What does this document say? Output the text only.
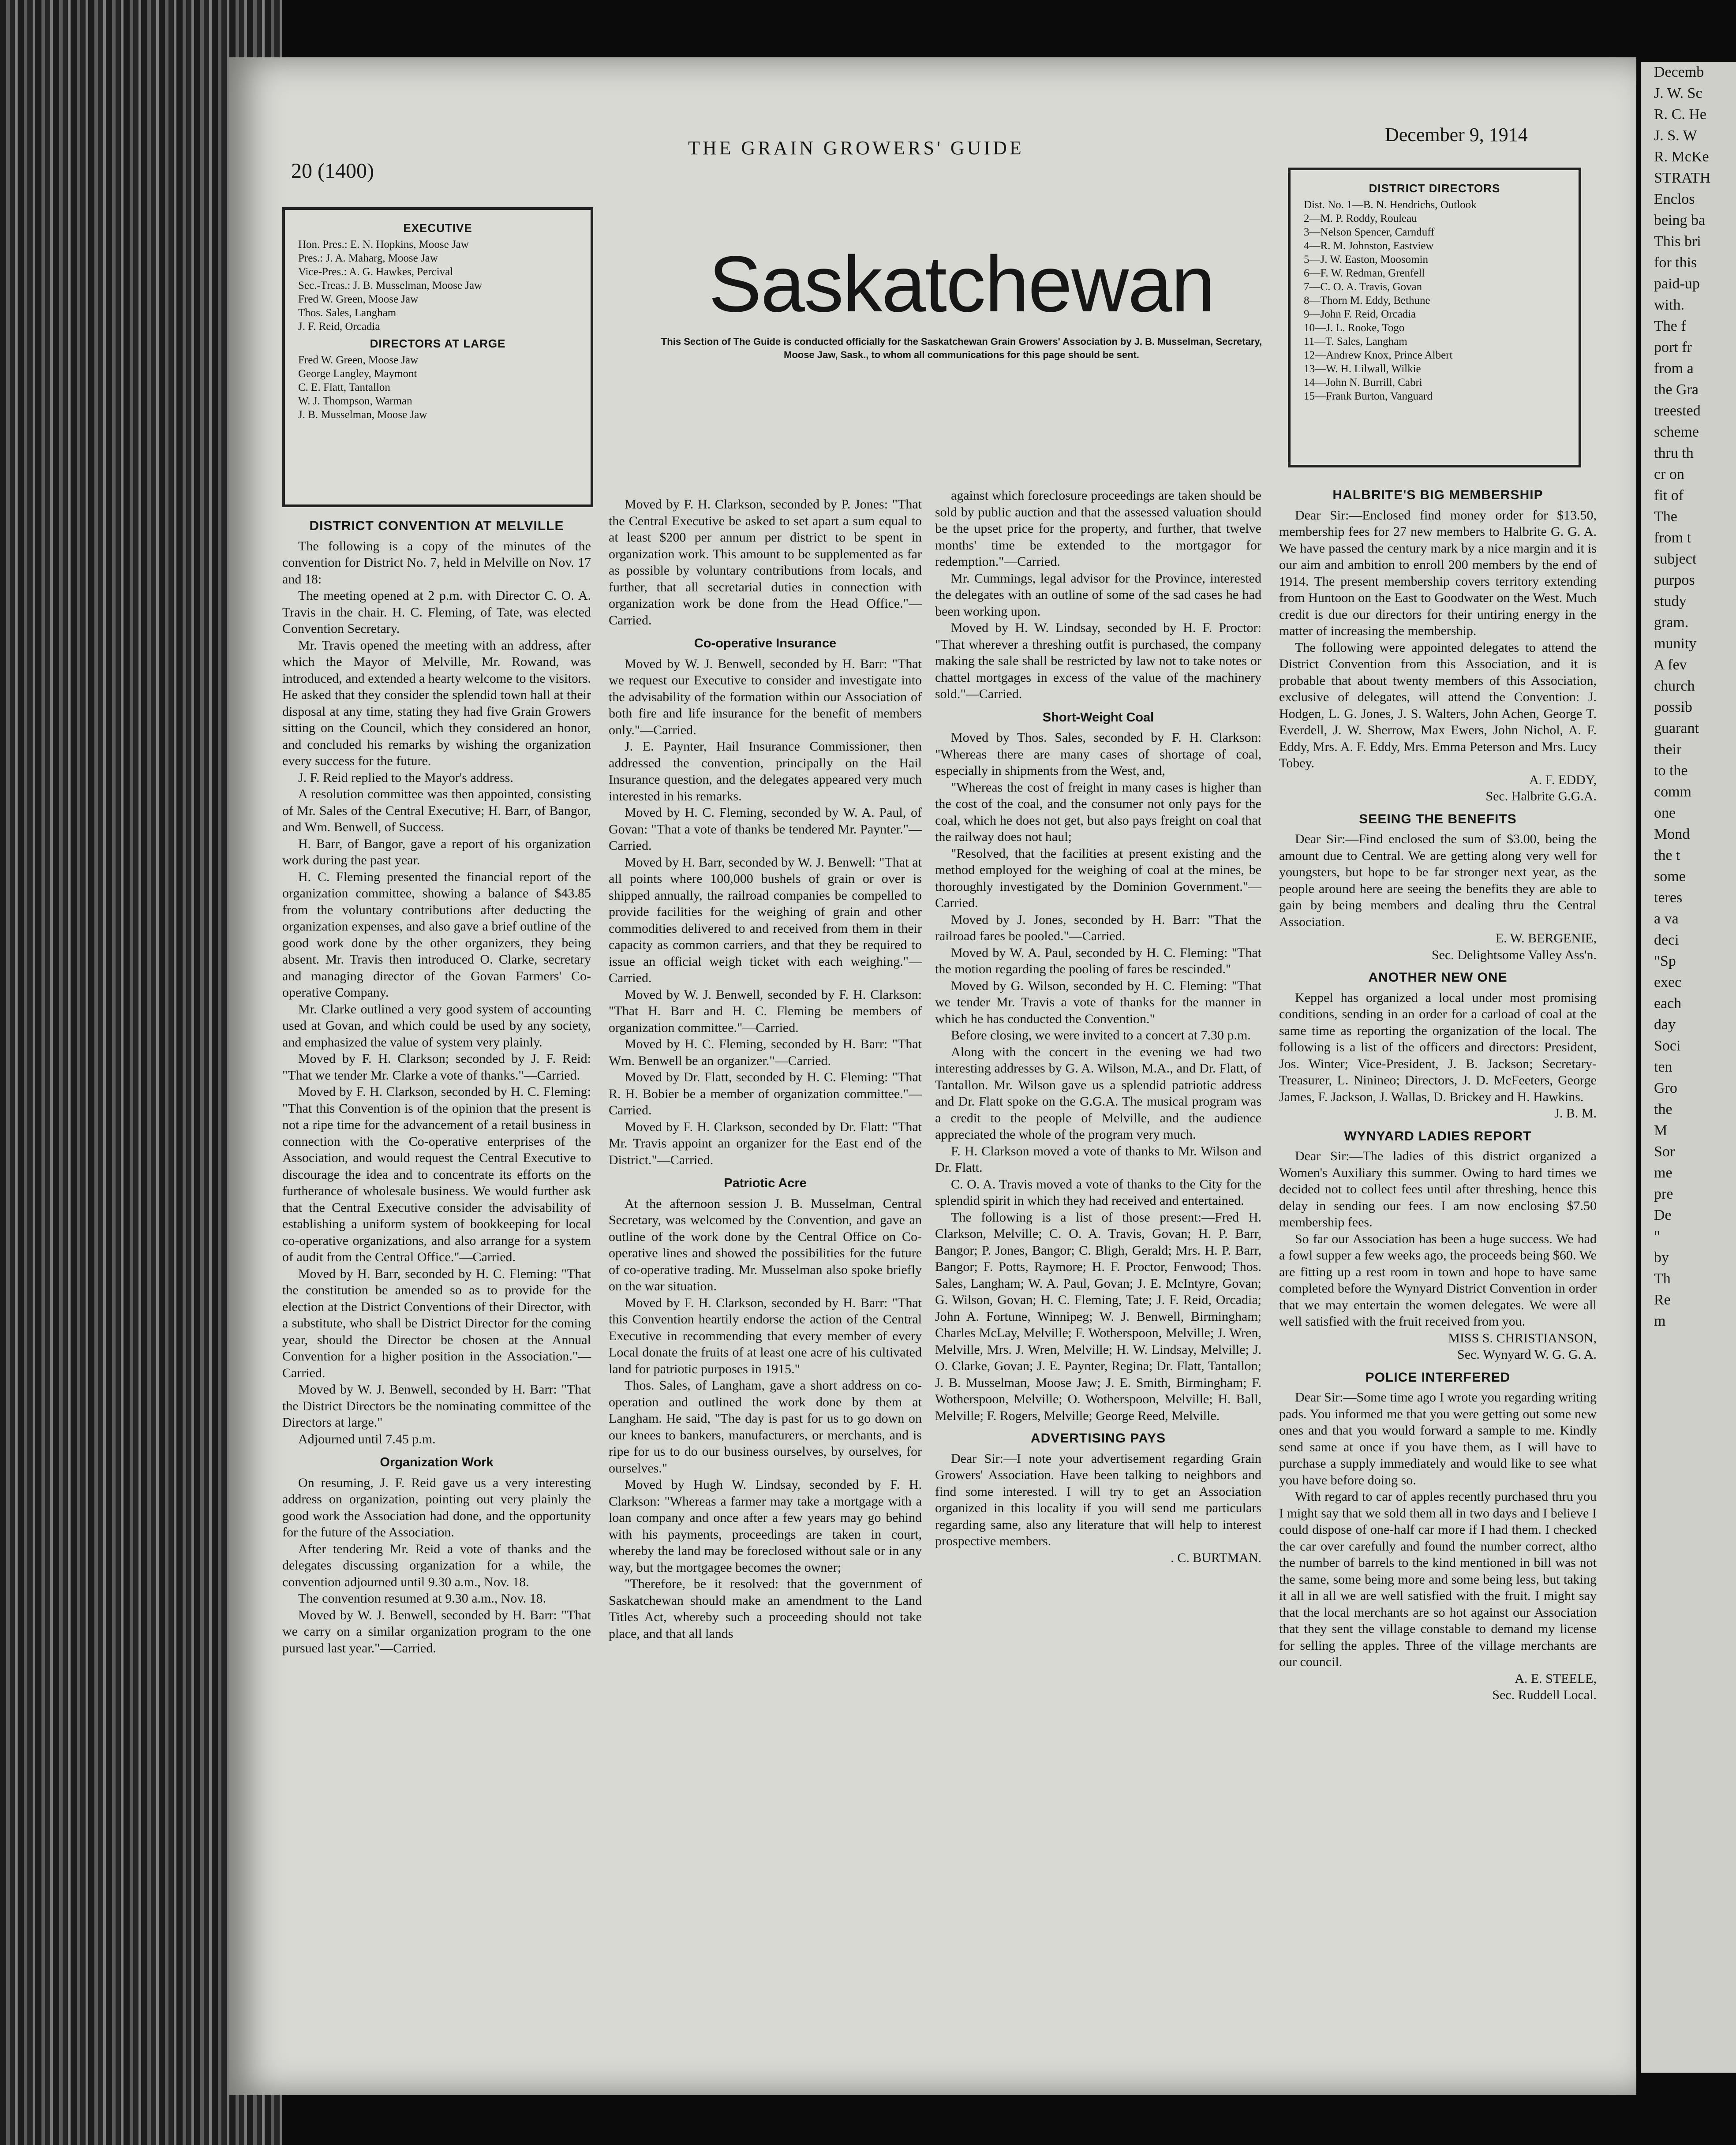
20 (1400)
THE GRAIN GROWERS' GUIDE
December 9, 1914
EXECUTIVE
Hon. Pres.: E. N. Hopkins, Moose Jaw
Pres.: J. A. Maharg, Moose Jaw
Vice-Pres.: A. G. Hawkes, Percival
Sec.-Treas.: J. B. Musselman, Moose Jaw
Fred W. Green, Moose Jaw
Thos. Sales, Langham
J. F. Reid, Orcadia
DIRECTORS AT LARGE
Fred W. Green, Moose Jaw
George Langley, Maymont
C. E. Flatt, Tantallon
W. J. Thompson, Warman
J. B. Musselman, Moose Jaw
Saskatchewan
This Section of The Guide is conducted officially for the Saskatchewan Grain Growers' Association by J. B. Musselman, Secretary, Moose Jaw, Sask., to whom all communications for this page should be sent.
DISTRICT DIRECTORS
Dist. No. 1—B. N. Hendrichs, Outlook
2—M. P. Roddy, Rouleau
3—Nelson Spencer, Carnduff
4—R. M. Johnston, Eastview
5—J. W. Easton, Moosomin
6—F. W. Redman, Grenfell
7—C. O. A. Travis, Govan
8—Thorn M. Eddy, Bethune
9—John F. Reid, Orcadia
10—J. L. Rooke, Togo
11—T. Sales, Langham
12—Andrew Knox, Prince Albert
13—W. H. Lilwall, Wilkie
14—John N. Burrill, Cabri
15—Frank Burton, Vanguard
DISTRICT CONVENTION AT MELVILLE

The following is a copy of the minutes of the convention for District No. 7, held in Melville on Nov. 17 and 18:

The meeting opened at 2 p.m. with Director C. O. A. Travis in the chair. H. C. Fleming, of Tate, was elected Convention Secretary.

Mr. Travis opened the meeting with an address, after which the Mayor of Melville, Mr. Rowand, was introduced, and extended a hearty welcome to the visitors. He asked that they consider the splendid town hall at their disposal at any time, stating they had five Grain Growers sitting on the Council, which they considered an honor, and concluded his remarks by wishing the organization every success for the future.

J. F. Reid replied to the Mayor's address.

A resolution committee was then appointed, consisting of Mr. Sales of the Central Executive; H. Barr, of Bangor, and Wm. Benwell, of Success.

H. Barr, of Bangor, gave a report of his organization work during the past year.

H. C. Fleming presented the financial report of the organization committee, showing a balance of $43.85 from the voluntary contributions after deducting the organization expenses, and also gave a brief outline of the good work done by the other organizers, they being absent. Mr. Travis then introduced O. Clarke, secretary and managing director of the Govan Farmers' Co-operative Company.

Mr. Clarke outlined a very good system of accounting used at Govan, and which could be used by any society, and emphasized the value of system very plainly.

Moved by F. H. Clarkson; seconded by J. F. Reid: "That we tender Mr. Clarke a vote of thanks."—Carried.

Moved by F. H. Clarkson, seconded by H. C. Fleming: "That this Convention is of the opinion that the present is not a ripe time for the advancement of a retail business in connection with the Co-operative enterprises of the Association, and would request the Central Executive to discourage the idea and to concentrate its efforts on the furtherance of wholesale business. We would further ask that the Central Executive consider the advisability of establishing a uniform system of bookkeeping for local co-operative organizations, and also arrange for a system of audit from the Central Office."—Carried.

Moved by H. Barr, seconded by H. C. Fleming: "That the constitution be amended so as to provide for the election at the District Conventions of their Director, with a substitute, who shall be District Director for the coming year, should the Director be chosen at the Annual Convention for a higher position in the Association."—Carried.

Moved by W. J. Benwell, seconded by H. Barr: "That the District Directors be the nominating committee of the Directors at large."

Adjourned until 7.45 p.m.

Organization Work

On resuming, J. F. Reid gave us a very interesting address on organization, pointing out very plainly the good work the Association had done, and the opportunity for the future of the Association.

After tendering Mr. Reid a vote of thanks and the delegates discussing organization for a while, the convention adjourned until 9.30 a.m., Nov. 18.

The convention resumed at 9.30 a.m., Nov. 18.

Moved by W. J. Benwell, seconded by H. Barr: "That we carry on a similar organization program to the one pursued last year."—Carried.

Moved by F. H. Clarkson, seconded by P. Jones: "That the Central Executive be asked to set apart a sum equal to at least $200 per annum per district to be spent in organization work. This amount to be supplemented as far as possible by voluntary contributions from locals, and further, that all secretarial duties in connection with organization work be done from the Head Office."—Carried.

Co-operative Insurance

Moved by W. J. Benwell, seconded by H. Barr: "That we request our Executive to consider and investigate into the advisability of the formation within our Association of both fire and life insurance for the benefit of members only."—Carried.

J. E. Paynter, Hail Insurance Commissioner, then addressed the convention, principally on the Hail Insurance question, and the delegates appeared very much interested in his remarks.

Moved by H. C. Fleming, seconded by W. A. Paul, of Govan: "That a vote of thanks be tendered Mr. Paynter."—Carried.

Moved by H. Barr, seconded by W. J. Benwell: "That at all points where 100,000 bushels of grain or over is shipped annually, the railroad companies be compelled to provide facilities for the weighing of grain and other commodities delivered to and received from them in their capacity as common carriers, and that they be required to issue an official weigh ticket with each weighing."—Carried.

Moved by W. J. Benwell, seconded by F. H. Clarkson: "That H. Barr and H. C. Fleming be members of organization committee."—Carried.

Moved by H. C. Fleming, seconded by H. Barr: "That Wm. Benwell be an organizer."—Carried.

Moved by Dr. Flatt, seconded by H. C. Fleming: "That R. H. Bobier be a member of organization committee."—Carried.

Moved by F. H. Clarkson, seconded by Dr. Flatt: "That Mr. Travis appoint an organizer for the East end of the District."—Carried.

Patriotic Acre

At the afternoon session J. B. Musselman, Central Secretary, was welcomed by the Convention, and gave an outline of the work done by the Central Office on Co-operative lines and showed the possibilities for the future of co-operative trading. Mr. Musselman also spoke briefly on the war situation.

Moved by F. H. Clarkson, seconded by H. Barr: "That this Convention heartily endorse the action of the Central Executive in recommending that every member of every Local donate the fruits of at least one acre of his cultivated land for patriotic purposes in 1915."

Thos. Sales, of Langham, gave a short address on co-operation and outlined the work done by them at Langham. He said, "The day is past for us to go down on our knees to bankers, manufacturers, or merchants, and is ripe for us to do our business ourselves, by ourselves, for ourselves."

Moved by Hugh W. Lindsay, seconded by F. H. Clarkson: "Whereas a farmer may take a mortgage with a loan company and once after a few years may go behind with his payments, proceedings are taken in court, whereby the land may be foreclosed without sale or in any way, but the mortgagee becomes the owner;

"Therefore, be it resolved: that the government of Saskatchewan should make an amendment to the Land Titles Act, whereby such a proceeding should not take place, and that all lands

against which foreclosure proceedings are taken should be sold by public auction and that the assessed valuation should be the upset price for the property, and further, that twelve months' time be extended to the mortgagor for redemption."—Carried.

Mr. Cummings, legal advisor for the Province, interested the delegates with an outline of some of the sad cases he had been working upon.

Moved by H. W. Lindsay, seconded by H. F. Proctor: "That wherever a threshing outfit is purchased, the company making the sale shall be restricted by law not to take notes or chattel mortgages in excess of the value of the machinery sold."—Carried.

Short-Weight Coal

Moved by Thos. Sales, seconded by F. H. Clarkson: "Whereas there are many cases of shortage of coal, especially in shipments from the West, and,

"Whereas the cost of freight in many cases is higher than the cost of the coal, and the consumer not only pays for the coal, which he does not get, but also pays freight on coal that the railway does not haul;

"Resolved, that the facilities at present existing and the method employed for the weighing of coal at the mines, be thoroughly investigated by the Dominion Government."—Carried.

Moved by J. Jones, seconded by H. Barr: "That the railroad fares be pooled."—Carried.

Moved by W. A. Paul, seconded by H. C. Fleming: "That the motion regarding the pooling of fares be rescinded."

Moved by G. Wilson, seconded by H. C. Fleming: "That we tender Mr. Travis a vote of thanks for the manner in which he has conducted the Convention."

Before closing, we were invited to a concert at 7.30 p.m.

Along with the concert in the evening we had two interesting addresses by G. A. Wilson, M.A., and Dr. Flatt, of Tantallon. Mr. Wilson gave us a splendid patriotic address and Dr. Flatt spoke on the G.G.A. The musical program was a credit to the people of Melville, and the audience appreciated the whole of the program very much.

F. H. Clarkson moved a vote of thanks to Mr. Wilson and Dr. Flatt.

C. O. A. Travis moved a vote of thanks to the City for the splendid spirit in which they had received and entertained.

The following is a list of those present:—Fred H. Clarkson, Melville; C. O. A. Travis, Govan; H. P. Barr, Bangor; P. Jones, Bangor; C. Bligh, Gerald; Mrs. H. P. Barr, Bangor; F. Potts, Raymore; H. F. Proctor, Fenwood; Thos. Sales, Langham; W. A. Paul, Govan; J. E. McIntyre, Govan; G. Wilson, Govan; H. C. Fleming, Tate; J. F. Reid, Orcadia; John A. Fortune, Winnipeg; W. J. Benwell, Birmingham; Charles McLay, Melville; F. Wotherspoon, Melville; J. Wren, Melville, Mrs. J. Wren, Melville; H. W. Lindsay, Melville; J. O. Clarke, Govan; J. E. Paynter, Regina; Dr. Flatt, Tantallon; J. B. Musselman, Moose Jaw; J. E. Smith, Birmingham; F. Wotherspoon, Melville; O. Wotherspoon, Melville; H. Ball, Melville; F. Rogers, Melville; George Reed, Melville.

ADVERTISING PAYS

Dear Sir:—I note your advertisement regarding Grain Growers' Association. Have been talking to neighbors and find some interested. I will try to get an Association organized in this locality if you will send me particulars regarding same, also any literature that will help to interest prospective members.

. C. BURTMAN.

HALBRITE'S BIG MEMBERSHIP

Dear Sir:—Enclosed find money order for $13.50, membership fees for 27 new members to Halbrite G. G. A. We have passed the century mark by a nice margin and it is our aim and ambition to enroll 200 members by the end of 1914. The present membership covers territory extending from Huntoon on the East to Goodwater on the West. Much credit is due our directors for their untiring energy in the matter of increasing the membership.

The following were appointed delegates to attend the District Convention from this Association, and it is probable that about twenty members of this Association, exclusive of delegates, will attend the Convention: J. Hodgen, L. G. Jones, J. S. Walters, John Achen, George T. Everdell, J. W. Sherrow, Max Ewers, John Nichol, A. F. Eddy, Mrs. A. F. Eddy, Mrs. Emma Peterson and Mrs. Lucy Tobey.

A. F. EDDY,

Sec. Halbrite G.G.A.

SEEING THE BENEFITS

Dear Sir:—Find enclosed the sum of $3.00, being the amount due to Central. We are getting along very well for youngsters, but hope to be far stronger next year, as the people around here are seeing the benefits they are able to gain by being members and dealing thru the Central Association.

E. W. BERGENIE,

Sec. Delightsome Valley Ass'n.

ANOTHER NEW ONE

Keppel has organized a local under most promising conditions, sending in an order for a carload of coal at the same time as reporting the organization of the local. The following is a list of the officers and directors: President, Jos. Winter; Vice-President, J. B. Jackson; Secretary-Treasurer, L. Ninineo; Directors, J. D. McFeeters, George James, F. Jackson, J. Wallas, D. Brickey and H. Hawkins.

J. B. M.

WYNYARD LADIES REPORT

Dear Sir:—The ladies of this district organized a Women's Auxiliary this summer. Owing to hard times we decided not to collect fees until after threshing, hence this delay in sending our fees. I am now enclosing $7.50 membership fees.

So far our Association has been a huge success. We had a fowl supper a few weeks ago, the proceeds being $60. We are fitting up a rest room in town and hope to have same completed before the Wynyard District Convention in order that we may entertain the women delegates. We were all well satisfied with the fruit received from you.

MISS S. CHRISTIANSON,

Sec. Wynyard W. G. G. A.

POLICE INTERFERED

Dear Sir:—Some time ago I wrote you regarding writing pads. You informed me that you were getting out some new ones and that you would forward a sample to me. Kindly send same at once if you have them, as I will have to purchase a supply immediately and would like to see what you have before doing so.

With regard to car of apples recently purchased thru you I might say that we sold them all in two days and I believe I could dispose of one-half car more if I had them. I checked the car over carefully and found the number correct, altho the number of barrels to the kind mentioned in bill was not the same, some being more and some being less, but taking it all in all we are well satisfied with the fruit. I might say that the local merchants are so hot against our Association that they sent the village constable to demand my license for selling the apples. Three of the village merchants are our council.

A. E. STEELE,

Sec. Ruddell Local.

Decemb
J. W. Sc
R. C. He
J. S. W
R. McKe
STRATH
Enclos
being ba
This bri
for this
paid-up
with.
The f
port fr
from a
the Gra
treested
scheme
thru th
cr on
fit of
The
from t
subject
purpos
study
gram.
munity
A fev
church
possib
guarant
their
to the
comm
one
Mond
the t
some
teres
a va
deci
"Sp
exec
each
day
Soci
ten
Gro
the
M
Sor
me
pre
De
"
by
Th
Re
m
